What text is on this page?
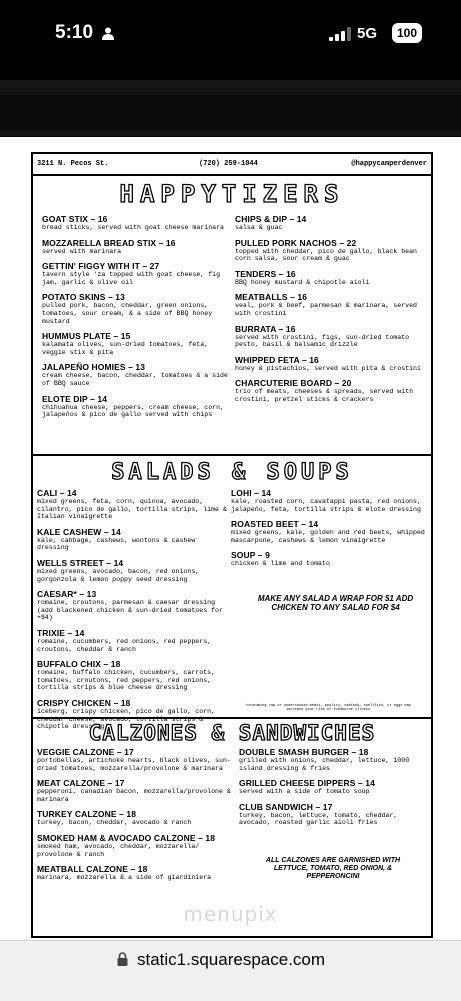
5:10	5G	100
3211 N. Pecos St.	(720) 259-1044	@happycamperdenver
HAPPYTIZERS
GOAT STIX – 16
bread sticks, served with goat cheese marinara
MOZZARELLA BREAD STIX – 16
served with marinara
GETTIN' FIGGY WITH IT – 27
tavern style 'za topped with goat cheese, fig jam, garlic & olive oil
POTATO SKINS – 13
pulled pork, bacon, cheddar, green onions, tomatoes, sour cream, & a side of BBQ honey mustard
HUMMUS PLATE – 15
kalamata olives, sun-dried tomatoes, feta, veggie stix & pita
JALAPEÑO HOMIES – 13
cream cheese, bacon, cheddar, tomatoes & a side of BBQ sauce
ELOTE DIP – 14
chihuahua cheese, peppers, cream cheese, corn, jalapeños & pico de gallo served with chips
CHIPS & DIP – 14
salsa & guac
PULLED PORK NACHOS – 22
topped with cheddar, pico de gallo, black bean corn salsa, sour cream & guac
TENDERS – 16
BBQ honey mustard & chipotle aioli
MEATBALLS – 16
veal, pork & beef, parmesan & marinara, served with crostini
BURRATA – 16
served with crostini, figs, sun-dried tomato pesto, basil & balsamic drizzle
WHIPPED FETA – 16
honey & pistachios, served with pita & crostini
CHARCUTERIE BOARD – 20
trio of meats, cheeses & spreads, served with crostini, pretzel sticks & crackers
SALADS & SOUPS
CALI – 14
mixed greens, feta, corn, quinoa, avocado, cilantro, pico de gallo, tortilla strips, lime & Italian vinaigrette
KALE CASHEW – 14
kale, cabbage, cashews, wontons & cashew dressing
WELLS STREET – 14
mixed greens, avocado, bacon, red onions, gorgonzola & lemon poppy seed dressing
CAESAR* – 13
romaine, croutons, parmesan & caesar dressing (add blackened chicken & sun-dried tomatoes for +$4)
TRIXIE – 14
romaine, cucumbers, red onions, red peppers, croutons, cheddar & ranch
BUFFALO CHIX – 18
romaine, buffalo chicken, cucumbers, carrots, tomatoes, croutons, red peppers, red onions, tortilla strips & blue cheese dressing
CRISPY CHICKEN – 18
iceberg, crispy chicken, pico de gallo, corn, cheddar cheese, avocado, tortilla strips & chipotle dressing
LOHI – 14
kale, roasted corn, cavatappi pasta, red onions, jalapeño, feta, tortilla strips & elote dressing
ROASTED BEET – 14
mixed greens, kale, golden and red beets, whipped mascarpone, cashews & lemon vinaigrette
SOUP – 9
chicken & lime and tomato
MAKE ANY SALAD A WRAP FOR $1 ADD CHICKEN TO ANY SALAD FOR $4
*consuming raw or undercooked meats, poultry, seafood, shellfish, or eggs may increase your risk of foodborne illness
CALZONES & SANDWICHES
VEGGIE CALZONE – 17
portobellas, artichoke hearts, black olives, sun-dried tomatoes, mozzarella/provolone & marinara
MEAT CALZONE – 17
pepperoni, canadian bacon, mozzarella/provolone & marinara
TURKEY CALZONE – 18
turkey, bacon, cheddar, avocado & ranch
SMOKED HAM & AVOCADO CALZONE – 18
smoked ham, avocado, cheddar, mozzarella/ provolone & ranch
MEATBALL CALZONE – 18
marinara, mozzarella & a side of giardiniera
DOUBLE SMASH BURGER – 18
grilled with onions, cheddar, lettuce, 1000 island dressing & fries
GRILLED CHEESE DIPPERS – 14
served with a side of tomato soup
CLUB SANDWICH – 17
turkey, bacon, lettuce, tomato, cheddar, avocado, roasted garlic aioli fries
ALL CALZONES ARE GARNISHED WITH LETTUCE, TOMATO, RED ONION, & PEPPERONCINI
menupix
static1.squarespace.com
